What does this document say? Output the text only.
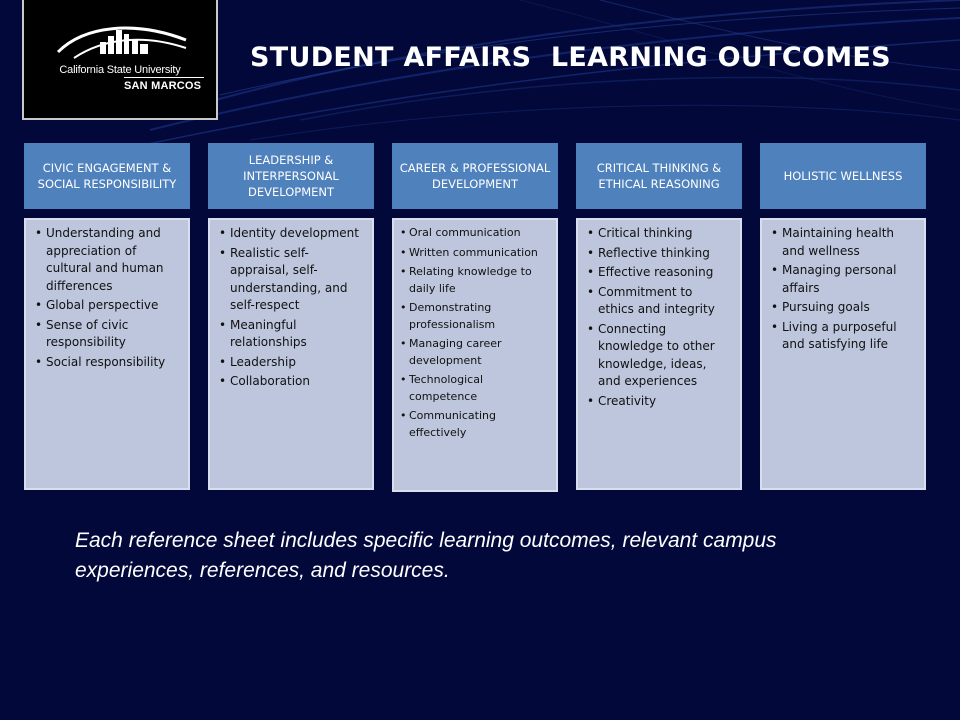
California State University
SAN MARCOS
STUDENT AFFAIRS  LEARNING OUTCOMES
CIVIC ENGAGEMENT & SOCIAL RESPONSIBILITY
• Understanding and appreciation of cultural and human differences
• Global perspective
• Sense of civic responsibility
• Social responsibility
LEADERSHIP & INTERPERSONAL DEVELOPMENT
• Identity development
• Realistic self-appraisal, self-understanding, and self-respect
• Meaningful relationships
• Leadership
• Collaboration
CAREER & PROFESSIONAL DEVELOPMENT
• Oral communication
• Written communication
• Relating knowledge to daily life
• Demonstrating professionalism
• Managing career development
• Technological competence
• Communicating effectively
CRITICAL THINKING & ETHICAL REASONING
• Critical thinking
• Reflective thinking
• Effective reasoning
• Commitment to ethics and integrity
• Connecting knowledge to other knowledge, ideas, and experiences
• Creativity
HOLISTIC WELLNESS
• Maintaining health and wellness
• Managing personal affairs
• Pursuing goals
• Living a purposeful and satisfying life
Each reference sheet includes specific learning outcomes, relevant campus experiences, references, and resources.
